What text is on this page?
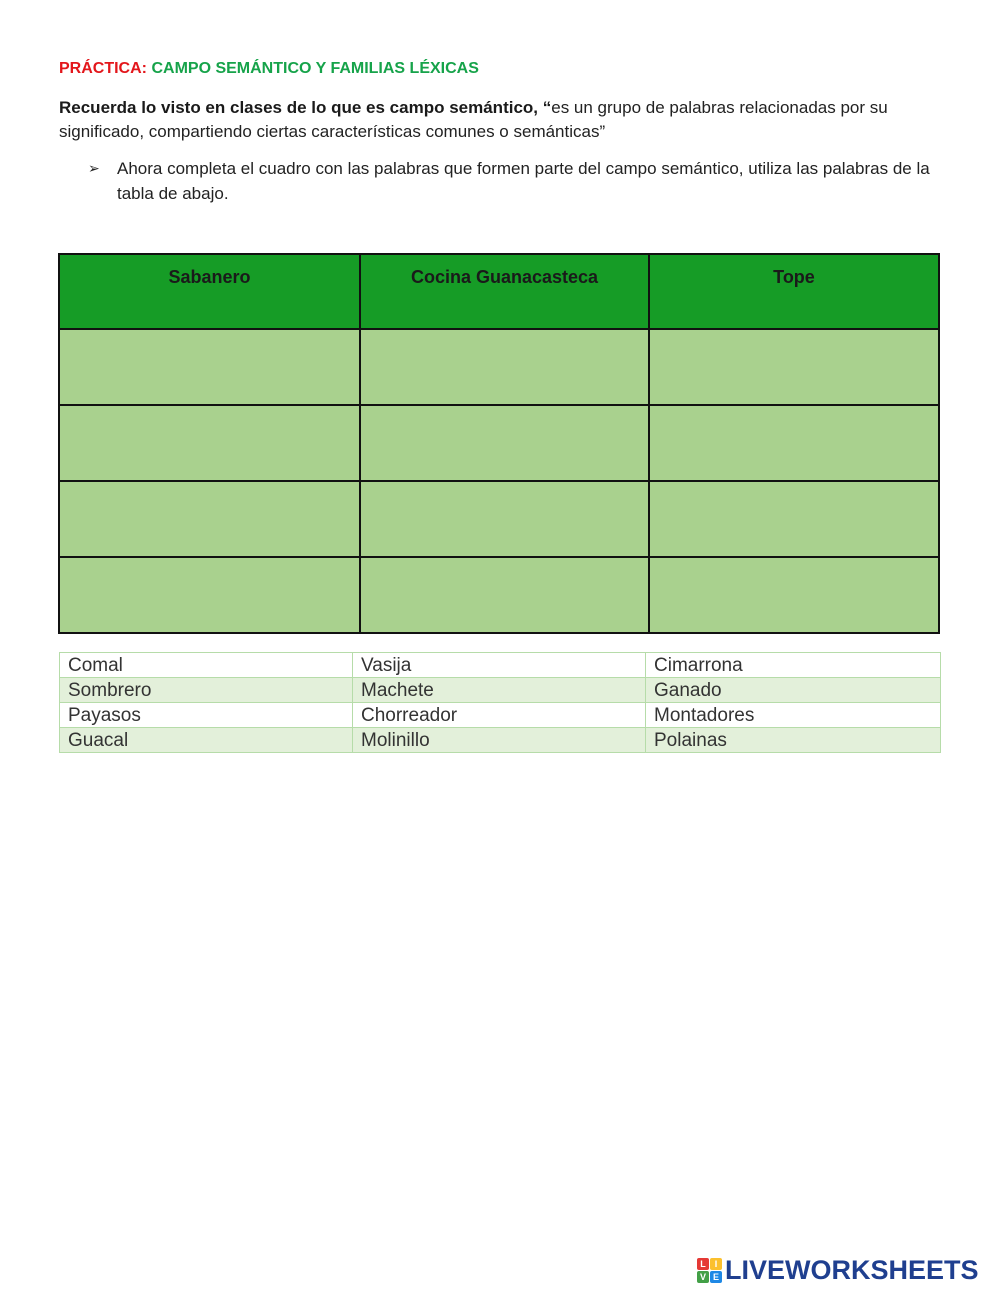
PRÁCTICA: CAMPO SEMÁNTICO Y FAMILIAS LÉXICAS
Recuerda lo visto en clases de lo que es campo semántico, “es un grupo de palabras relacionadas por su significado, compartiendo ciertas características comunes o semánticas”
➢ Ahora completa el cuadro con las palabras que formen parte del campo semántico, utiliza las palabras de la tabla de abajo.
Sabanero	Cocina Guanacasteca	Tope

Comal	Vasija	Cimarrona
Sombrero	Machete	Ganado
Payasos	Chorreador	Montadores
Guacal	Molinillo	Polainas
L I
V E LIVEWORKSHEETS
